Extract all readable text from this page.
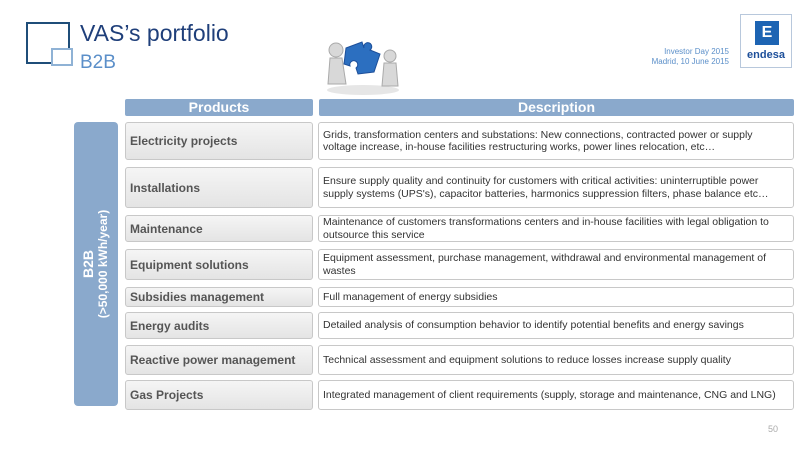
VAS’s portfolio
B2B
Investor Day 2015
Madrid, 10 June 2015
E
endesa
Products	Description
B2B (>50,000 kWh/year)
Electricity projects	Grids, transformation centers and substations: New connections, contracted power or supply voltage increase, in-house facilities restructuring works, power lines relocation, etc…
Installations	Ensure supply quality and continuity for customers with critical activities: uninterruptible power supply systems (UPS's), capacitor batteries, harmonics suppression filters, phase balance etc…
Maintenance	Maintenance of customers transformations centers and in-house facilities with legal obligation to outsource this service
Equipment solutions	Equipment assessment, purchase management, withdrawal and environmental management of wastes
Subsidies management	Full management of energy subsidies
Energy audits	Detailed analysis of consumption behavior to identify potential benefits and energy savings
Reactive power management	Technical assessment and equipment solutions to reduce losses increase supply quality
Gas Projects	Integrated management of client requirements (supply, storage and maintenance, CNG and LNG)
50
